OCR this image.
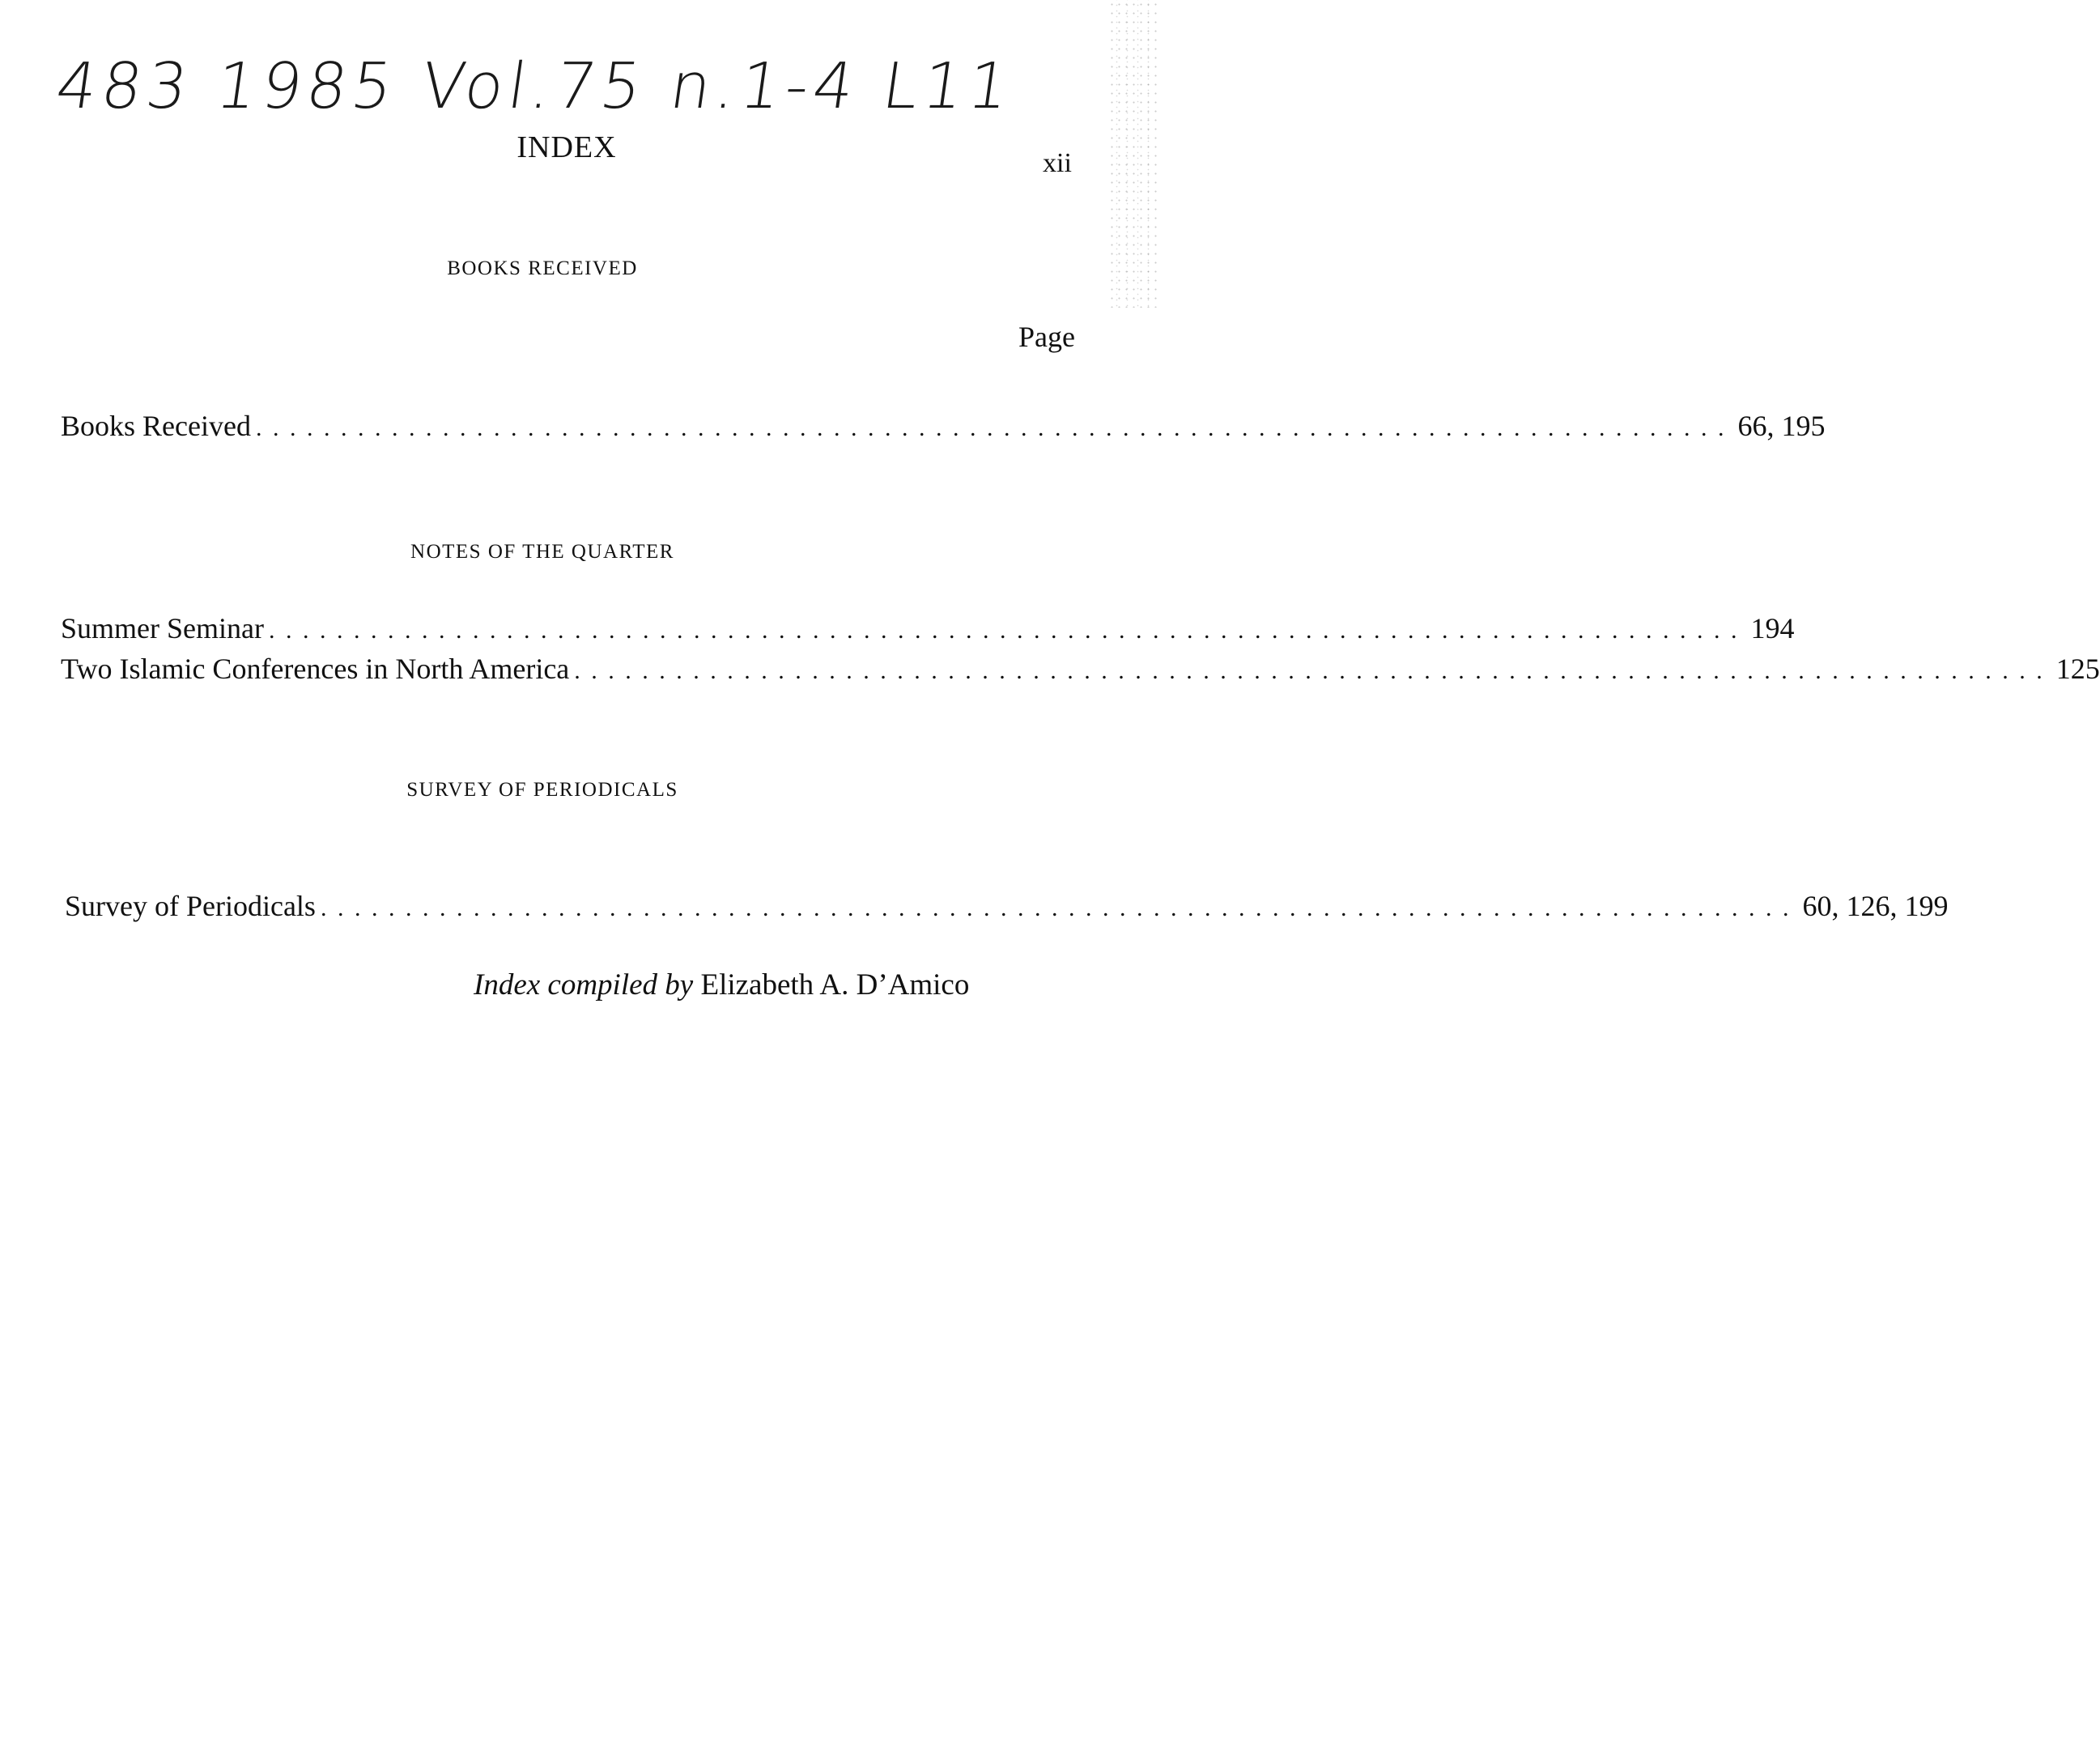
483 1985 Vol.75 n.1-4 L11
INDEX	xii
BOOKS RECEIVED
Page
Books Received . . . . . . . . . . . . . . . . . . . . . . . . . . . . . . . . . . . . . . . . . . . . . . . . . . . . . . . . . . . . . . . . . . . . . . . . . . . . . . . . . . . . . . . 66, 195
NOTES OF THE QUARTER
Summer Seminar . . . . . . . . . . . . . . . . . . . . . . . . . . . . . . . . . . . . . . . . . . . . . . . . . . . . . . . . . . . . . . . . . . . . . . . . . . . . . . . . . . . . . . . 194
Two Islamic Conferences in North America . . . . . . . . . . . . . . . . . . . . . . . . . . . . . . . . . . . . . . . . . . . . . . . . . . . . . . . . . . . . . . . . . . . . . . . . . . . . . . . . . . . . . . . 125
SURVEY OF PERIODICALS
Survey of Periodicals . . . . . . . . . . . . . . . . . . . . . . . . . . . . . . . . . . . . . . . . . . . . . . . . . . . . . . . . . . . . . . . . . . . . . . . . . . . . . . . . . . . . . . . 60, 126, 199
Index compiled by Elizabeth A. D’Amico
